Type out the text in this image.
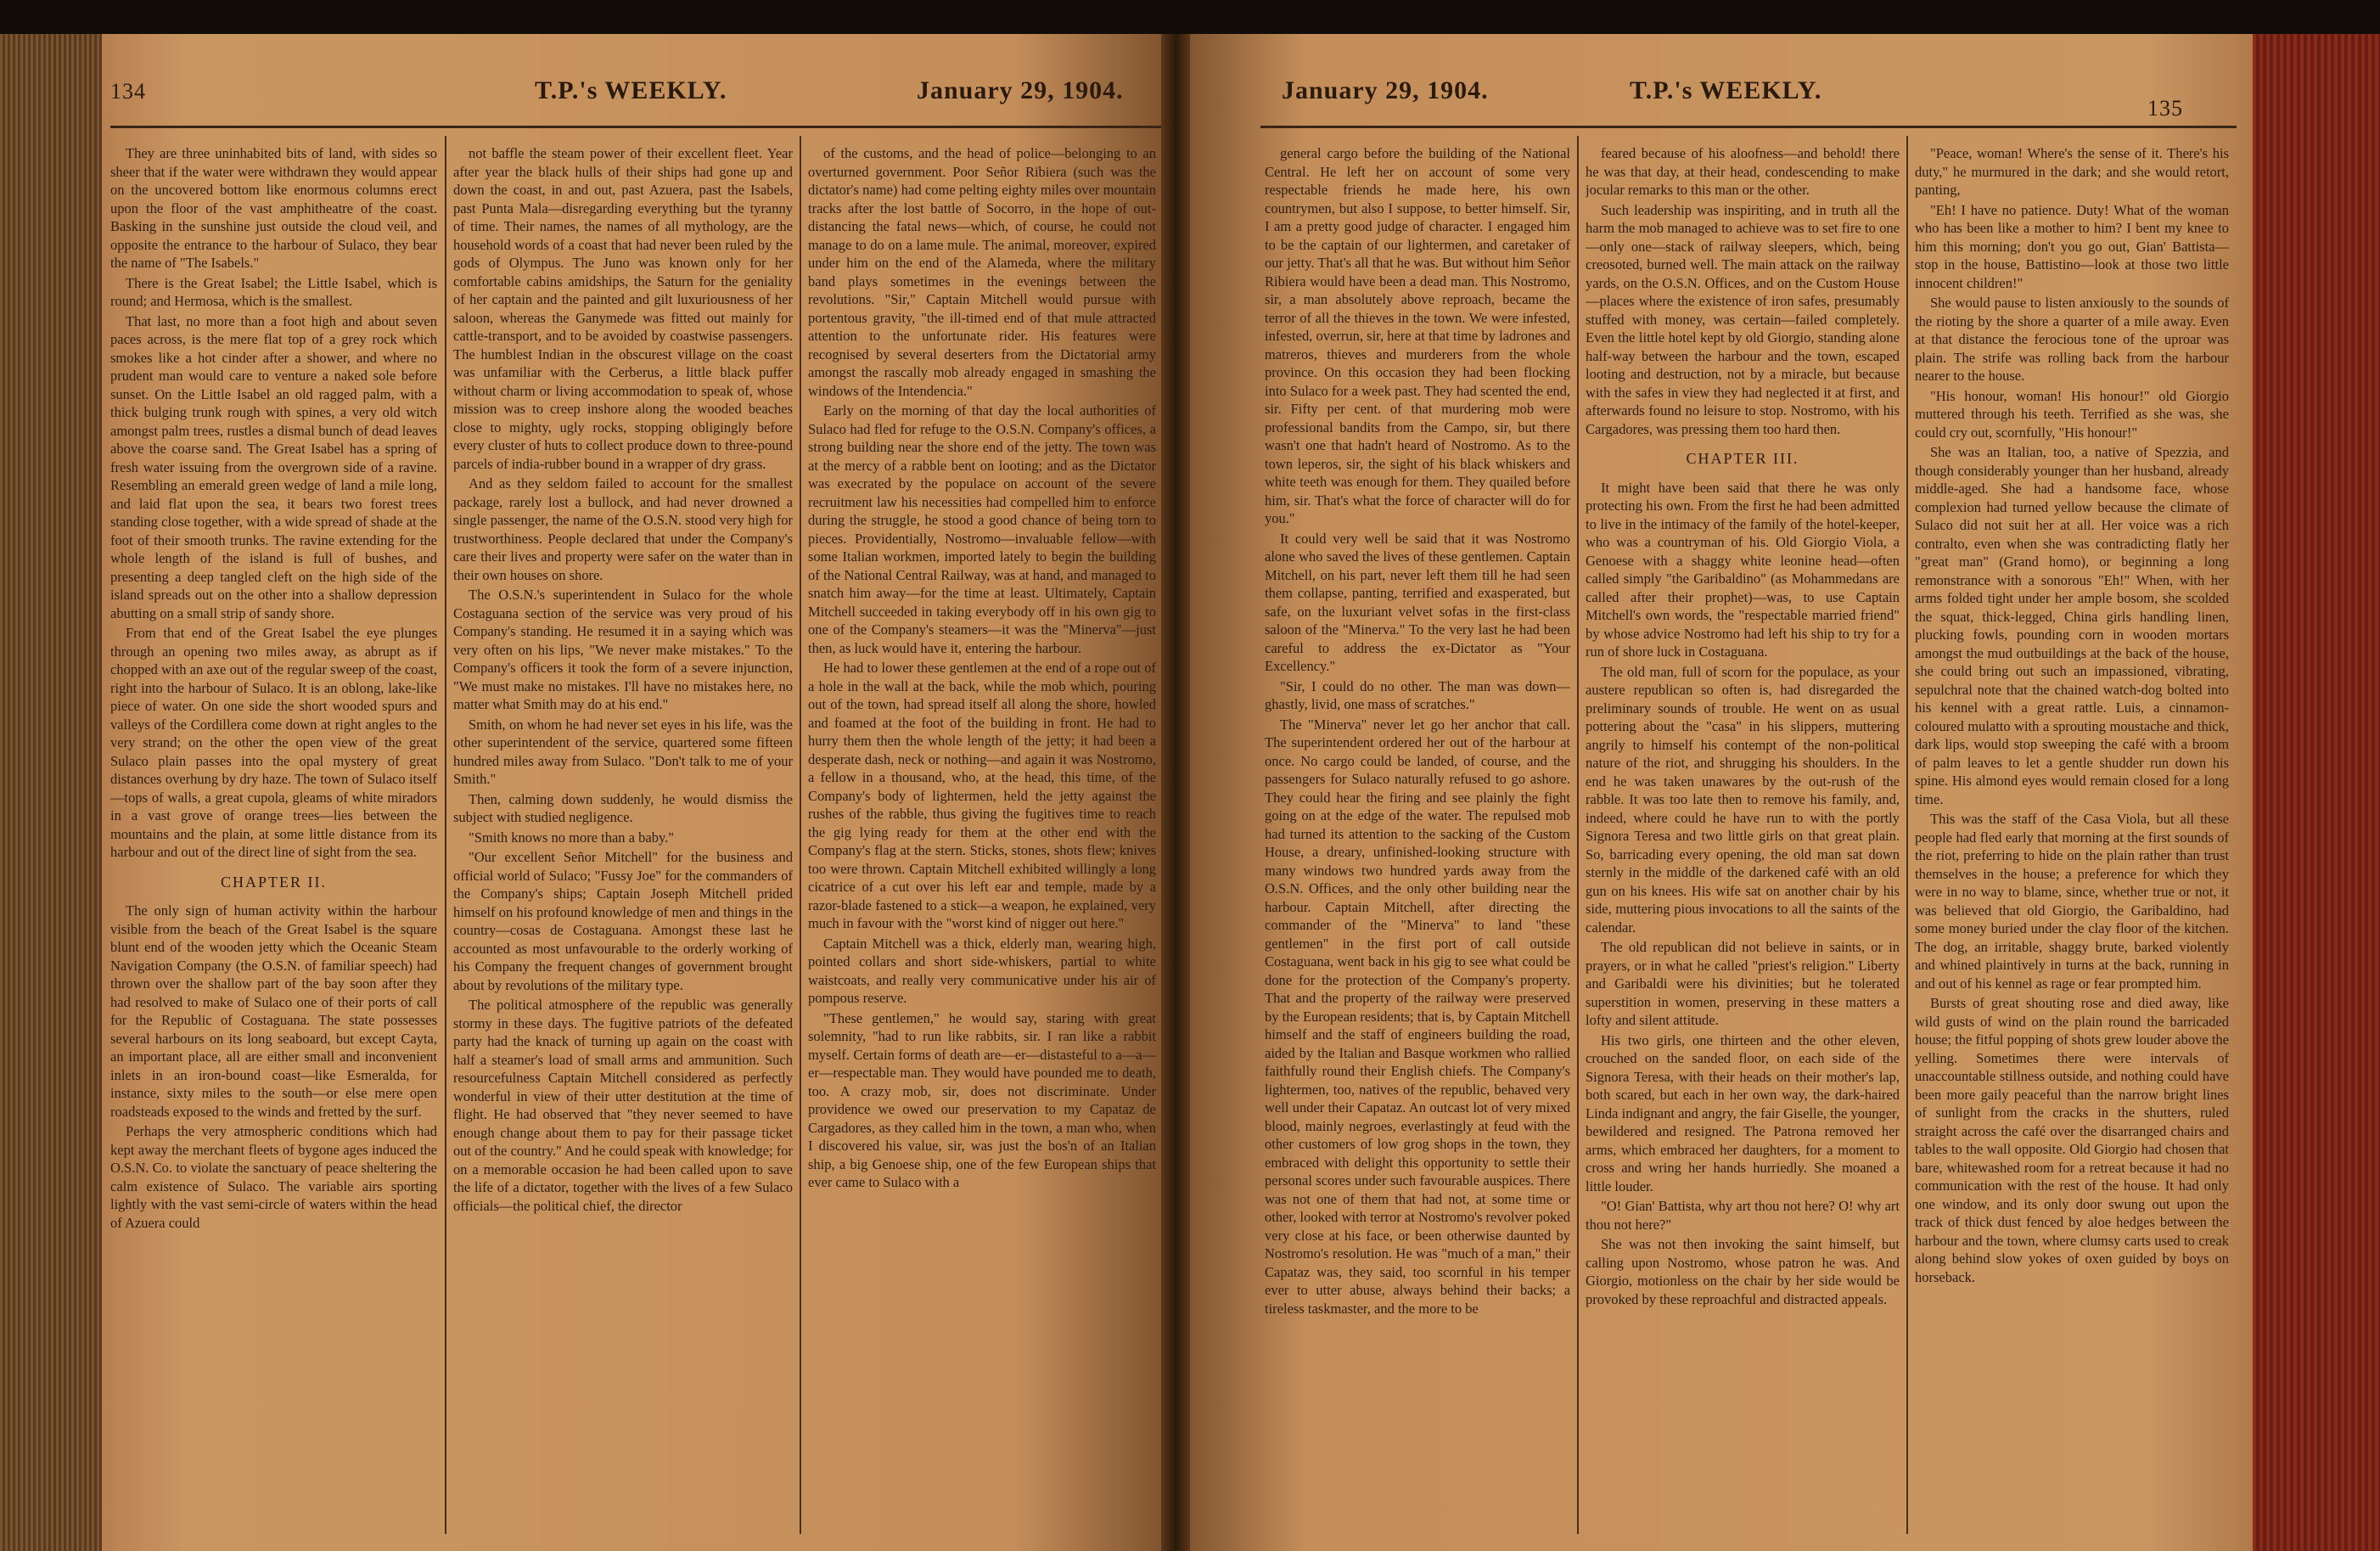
134	T.P.'s WEEKLY.	January 29, 1904.

They are three uninhabited bits of land, with sides so sheer that if the water were withdrawn they would appear on the uncovered bottom like enormous columns erect upon the floor of the vast amphitheatre of the coast. Basking in the sunshine just outside the cloud veil, and opposite the entrance to the harbour of Sulaco, they bear the name of "The Isabels."

There is the Great Isabel; the Little Isabel, which is round; and Hermosa, which is the smallest.

That last, no more than a foot high and about seven paces across, is the mere flat top of a grey rock which smokes like a hot cinder after a shower, and where no prudent man would care to venture a naked sole before sunset. On the Little Isabel an old ragged palm, with a thick bulging trunk rough with spines, a very old witch amongst palm trees, rustles a dismal bunch of dead leaves above the coarse sand. The Great Isabel has a spring of fresh water issuing from the overgrown side of a ravine. Resembling an emerald green wedge of land a mile long, and laid flat upon the sea, it bears two forest trees standing close together, with a wide spread of shade at the foot of their smooth trunks. The ravine extending for the whole length of the island is full of bushes, and presenting a deep tangled cleft on the high side of the island spreads out on the other into a shallow depression abutting on a small strip of sandy shore.

From that end of the Great Isabel the eye plunges through an opening two miles away, as abrupt as if chopped with an axe out of the regular sweep of the coast, right into the harbour of Sulaco. It is an oblong, lake-like piece of water. On one side the short wooded spurs and valleys of the Cordillera come down at right angles to the very strand; on the other the open view of the great Sulaco plain passes into the opal mystery of great distances overhung by dry haze. The town of Sulaco itself—tops of walls, a great cupola, gleams of white miradors in a vast grove of orange trees—lies between the mountains and the plain, at some little distance from its harbour and out of the direct line of sight from the sea.

CHAPTER II.

The only sign of human activity within the harbour visible from the beach of the Great Isabel is the square blunt end of the wooden jetty which the Oceanic Steam Navigation Company (the O.S.N. of familiar speech) had thrown over the shallow part of the bay soon after they had resolved to make of Sulaco one of their ports of call for the Republic of Costaguana. The state possesses several harbours on its long seaboard, but except Cayta, an important place, all are either small and inconvenient inlets in an iron-bound coast—like Esmeralda, for instance, sixty miles to the south—or else mere open roadsteads exposed to the winds and fretted by the surf.

Perhaps the very atmospheric conditions which had kept away the merchant fleets of bygone ages induced the O.S.N. Co. to violate the sanctuary of peace sheltering the calm existence of Sulaco. The variable airs sporting lightly with the vast semi-circle of waters within the head of Azuera could

not baffle the steam power of their excellent fleet. Year after year the black hulls of their ships had gone up and down the coast, in and out, past Azuera, past the Isabels, past Punta Mala—disregarding everything but the tyranny of time. Their names, the names of all mythology, are the household words of a coast that had never been ruled by the gods of Olympus. The Juno was known only for her comfortable cabins amidships, the Saturn for the geniality of her captain and the painted and gilt luxuriousness of her saloon, whereas the Ganymede was fitted out mainly for cattle-transport, and to be avoided by coastwise passengers. The humblest Indian in the obscurest village on the coast was unfamiliar with the Cerberus, a little black puffer without charm or living accommodation to speak of, whose mission was to creep inshore along the wooded beaches close to mighty, ugly rocks, stopping obligingly before every cluster of huts to collect produce down to three-pound parcels of india-rubber bound in a wrapper of dry grass.

And as they seldom failed to account for the smallest package, rarely lost a bullock, and had never drowned a single passenger, the name of the O.S.N. stood very high for trustworthiness. People declared that under the Company's care their lives and property were safer on the water than in their own houses on shore.

The O.S.N.'s superintendent in Sulaco for the whole Costaguana section of the service was very proud of his Company's standing. He resumed it in a saying which was very often on his lips, "We never make mistakes." To the Company's officers it took the form of a severe injunction, "We must make no mistakes. I'll have no mistakes here, no matter what Smith may do at his end."

Smith, on whom he had never set eyes in his life, was the other superintendent of the service, quartered some fifteen hundred miles away from Sulaco. "Don't talk to me of your Smith."

Then, calming down suddenly, he would dismiss the subject with studied negligence.

"Smith knows no more than a baby."

"Our excellent Señor Mitchell" for the business and official world of Sulaco; "Fussy Joe" for the commanders of the Company's ships; Captain Joseph Mitchell prided himself on his profound knowledge of men and things in the country—cosas de Costaguana. Amongst these last he accounted as most unfavourable to the orderly working of his Company the frequent changes of government brought about by revolutions of the military type.

The political atmosphere of the republic was generally stormy in these days. The fugitive patriots of the defeated party had the knack of turning up again on the coast with half a steamer's load of small arms and ammunition. Such resourcefulness Captain Mitchell considered as perfectly wonderful in view of their utter destitution at the time of flight. He had observed that "they never seemed to have enough change about them to pay for their passage ticket out of the country." And he could speak with knowledge; for on a memorable occasion he had been called upon to save the life of a dictator, together with the lives of a few Sulaco officials—the political chief, the director

of the customs, and the head of police—belonging to an overturned government. Poor Señor Ribiera (such was the dictator's name) had come pelting eighty miles over mountain tracks after the lost battle of Socorro, in the hope of out-distancing the fatal news—which, of course, he could not manage to do on a lame mule. The animal, moreover, expired under him on the end of the Alameda, where the military band plays sometimes in the evenings between the revolutions. "Sir," Captain Mitchell would pursue with portentous gravity, "the ill-timed end of that mule attracted attention to the unfortunate rider. His features were recognised by several deserters from the Dictatorial army amongst the rascally mob already engaged in smashing the windows of the Intendencia."

Early on the morning of that day the local authorities of Sulaco had fled for refuge to the O.S.N. Company's offices, a strong building near the shore end of the jetty. The town was at the mercy of a rabble bent on looting; and as the Dictator was execrated by the populace on account of the severe recruitment law his necessities had compelled him to enforce during the struggle, he stood a good chance of being torn to pieces. Providentially, Nostromo—invaluable fellow—with some Italian workmen, imported lately to begin the building of the National Central Railway, was at hand, and managed to snatch him away—for the time at least. Ultimately, Captain Mitchell succeeded in taking everybody off in his own gig to one of the Company's steamers—it was the "Minerva"—just then, as luck would have it, entering the harbour.

He had to lower these gentlemen at the end of a rope out of a hole in the wall at the back, while the mob which, pouring out of the town, had spread itself all along the shore, howled and foamed at the foot of the building in front. He had to hurry them then the whole length of the jetty; it had been a desperate dash, neck or nothing—and again it was Nostromo, a fellow in a thousand, who, at the head, this time, of the Company's body of lightermen, held the jetty against the rushes of the rabble, thus giving the fugitives time to reach the gig lying ready for them at the other end with the Company's flag at the stern. Sticks, stones, shots flew; knives too were thrown. Captain Mitchell exhibited willingly a long cicatrice of a cut over his left ear and temple, made by a razor-blade fastened to a stick—a weapon, he explained, very much in favour with the "worst kind of nigger out here."

Captain Mitchell was a thick, elderly man, wearing high, pointed collars and short side-whiskers, partial to white waistcoats, and really very communicative under his air of pompous reserve.

"These gentlemen," he would say, staring with great solemnity, "had to run like rabbits, sir. I ran like a rabbit myself. Certain forms of death are—er—distasteful to a—a—er—respectable man. They would have pounded me to death, too. A crazy mob, sir, does not discriminate. Under providence we owed our preservation to my Capataz de Cargadores, as they called him in the town, a man who, when I discovered his value, sir, was just the bos'n of an Italian ship, a big Genoese ship, one of the few European ships that ever came to Sulaco with a

January 29, 1904.	T.P.'s WEEKLY.
135

general cargo before the building of the National Central. He left her on account of some very respectable friends he made here, his own countrymen, but also I suppose, to better himself. Sir, I am a pretty good judge of character. I engaged him to be the captain of our lightermen, and caretaker of our jetty. That's all that he was. But without him Señor Ribiera would have been a dead man. This Nostromo, sir, a man absolutely above reproach, became the terror of all the thieves in the town. We were infested, infested, overrun, sir, here at that time by ladrones and matreros, thieves and murderers from the whole province. On this occasion they had been flocking into Sulaco for a week past. They had scented the end, sir. Fifty per cent. of that murdering mob were professional bandits from the Campo, sir, but there wasn't one that hadn't heard of Nostromo. As to the town leperos, sir, the sight of his black whiskers and white teeth was enough for them. They quailed before him, sir. That's what the force of character will do for you."

It could very well be said that it was Nostromo alone who saved the lives of these gentlemen. Captain Mitchell, on his part, never left them till he had seen them collapse, panting, terrified and exasperated, but safe, on the luxuriant velvet sofas in the first-class saloon of the "Minerva." To the very last he had been careful to address the ex-Dictator as "Your Excellency."

"Sir, I could do no other. The man was down—ghastly, livid, one mass of scratches."

The "Minerva" never let go her anchor that call. The superintendent ordered her out of the harbour at once. No cargo could be landed, of course, and the passengers for Sulaco naturally refused to go ashore. They could hear the firing and see plainly the fight going on at the edge of the water. The repulsed mob had turned its attention to the sacking of the Custom House, a dreary, unfinished-looking structure with many windows two hundred yards away from the O.S.N. Offices, and the only other building near the harbour. Captain Mitchell, after directing the commander of the "Minerva" to land "these gentlemen" in the first port of call outside Costaguana, went back in his gig to see what could be done for the protection of the Company's property. That and the property of the railway were preserved by the European residents; that is, by Captain Mitchell himself and the staff of engineers building the road, aided by the Italian and Basque workmen who rallied faithfully round their English chiefs. The Company's lightermen, too, natives of the republic, behaved very well under their Capataz. An outcast lot of very mixed blood, mainly negroes, everlastingly at feud with the other customers of low grog shops in the town, they embraced with delight this opportunity to settle their personal scores under such favourable auspices. There was not one of them that had not, at some time or other, looked with terror at Nostromo's revolver poked very close at his face, or been otherwise daunted by Nostromo's resolution. He was "much of a man," their Capataz was, they said, too scornful in his temper ever to utter abuse, always behind their backs; a tireless taskmaster, and the more to be

feared because of his aloofness—and behold! there he was that day, at their head, condescending to make jocular remarks to this man or the other.

Such leadership was inspiriting, and in truth all the harm the mob managed to achieve was to set fire to one—only one—stack of railway sleepers, which, being creosoted, burned well. The main attack on the railway yards, on the O.S.N. Offices, and on the Custom House—places where the existence of iron safes, presumably stuffed with money, was certain—failed completely. Even the little hotel kept by old Giorgio, standing alone half-way between the harbour and the town, escaped looting and destruction, not by a miracle, but because with the safes in view they had neglected it at first, and afterwards found no leisure to stop. Nostromo, with his Cargadores, was pressing them too hard then.

CHAPTER III.

It might have been said that there he was only protecting his own. From the first he had been admitted to live in the intimacy of the family of the hotel-keeper, who was a countryman of his. Old Giorgio Viola, a Genoese with a shaggy white leonine head—often called simply "the Garibaldino" (as Mohammedans are called after their prophet)—was, to use Captain Mitchell's own words, the "respectable married friend" by whose advice Nostromo had left his ship to try for a run of shore luck in Costaguana.

The old man, full of scorn for the populace, as your austere republican so often is, had disregarded the preliminary sounds of trouble. He went on as usual pottering about the "casa" in his slippers, muttering angrily to himself his contempt of the non-political nature of the riot, and shrugging his shoulders. In the end he was taken unawares by the out-rush of the rabble. It was too late then to remove his family, and, indeed, where could he have run to with the portly Signora Teresa and two little girls on that great plain. So, barricading every opening, the old man sat down sternly in the middle of the darkened café with an old gun on his knees. His wife sat on another chair by his side, muttering pious invocations to all the saints of the calendar.

The old republican did not believe in saints, or in prayers, or in what he called "priest's religion." Liberty and Garibaldi were his divinities; but he tolerated superstition in women, preserving in these matters a lofty and silent attitude.

His two girls, one thirteen and the other eleven, crouched on the sanded floor, on each side of the Signora Teresa, with their heads on their mother's lap, both scared, but each in her own way, the dark-haired Linda indignant and angry, the fair Giselle, the younger, bewildered and resigned. The Patrona removed her arms, which embraced her daughters, for a moment to cross and wring her hands hurriedly. She moaned a little louder.

"O! Gian' Battista, why art thou not here? O! why art thou not here?"

She was not then invoking the saint himself, but calling upon Nostromo, whose patron he was. And Giorgio, motionless on the chair by her side would be provoked by these reproachful and distracted appeals.

"Peace, woman! Where's the sense of it. There's his duty," he murmured in the dark; and she would retort, panting,

"Eh! I have no patience. Duty! What of the woman who has been like a mother to him? I bent my knee to him this morning; don't you go out, Gian' Battista—stop in the house, Battistino—look at those two little innocent children!"

She would pause to listen anxiously to the sounds of the rioting by the shore a quarter of a mile away. Even at that distance the ferocious tone of the uproar was plain. The strife was rolling back from the harbour nearer to the house.

"His honour, woman! His honour!" old Giorgio muttered through his teeth. Terrified as she was, she could cry out, scornfully, "His honour!"

She was an Italian, too, a native of Spezzia, and though considerably younger than her husband, already middle-aged. She had a handsome face, whose complexion had turned yellow because the climate of Sulaco did not suit her at all. Her voice was a rich contralto, even when she was contradicting flatly her "great man" (Grand homo), or beginning a long remonstrance with a sonorous "Eh!" When, with her arms folded tight under her ample bosom, she scolded the squat, thick-legged, China girls handling linen, plucking fowls, pounding corn in wooden mortars amongst the mud outbuildings at the back of the house, she could bring out such an impassioned, vibrating, sepulchral note that the chained watch-dog bolted into his kennel with a great rattle. Luis, a cinnamon-coloured mulatto with a sprouting moustache and thick, dark lips, would stop sweeping the café with a broom of palm leaves to let a gentle shudder run down his spine. His almond eyes would remain closed for a long time.

This was the staff of the Casa Viola, but all these people had fled early that morning at the first sounds of the riot, preferring to hide on the plain rather than trust themselves in the house; a preference for which they were in no way to blame, since, whether true or not, it was believed that old Giorgio, the Garibaldino, had some money buried under the clay floor of the kitchen. The dog, an irritable, shaggy brute, barked violently and whined plaintively in turns at the back, running in and out of his kennel as rage or fear prompted him.

Bursts of great shouting rose and died away, like wild gusts of wind on the plain round the barricaded house; the fitful popping of shots grew louder above the yelling. Sometimes there were intervals of unaccountable stillness outside, and nothing could have been more gaily peaceful than the narrow bright lines of sunlight from the cracks in the shutters, ruled straight across the café over the disarranged chairs and tables to the wall opposite. Old Giorgio had chosen that bare, whitewashed room for a retreat because it had no communication with the rest of the house. It had only one window, and its only door swung out upon the track of thick dust fenced by aloe hedges between the harbour and the town, where clumsy carts used to creak along behind slow yokes of oxen guided by boys on horseback.
